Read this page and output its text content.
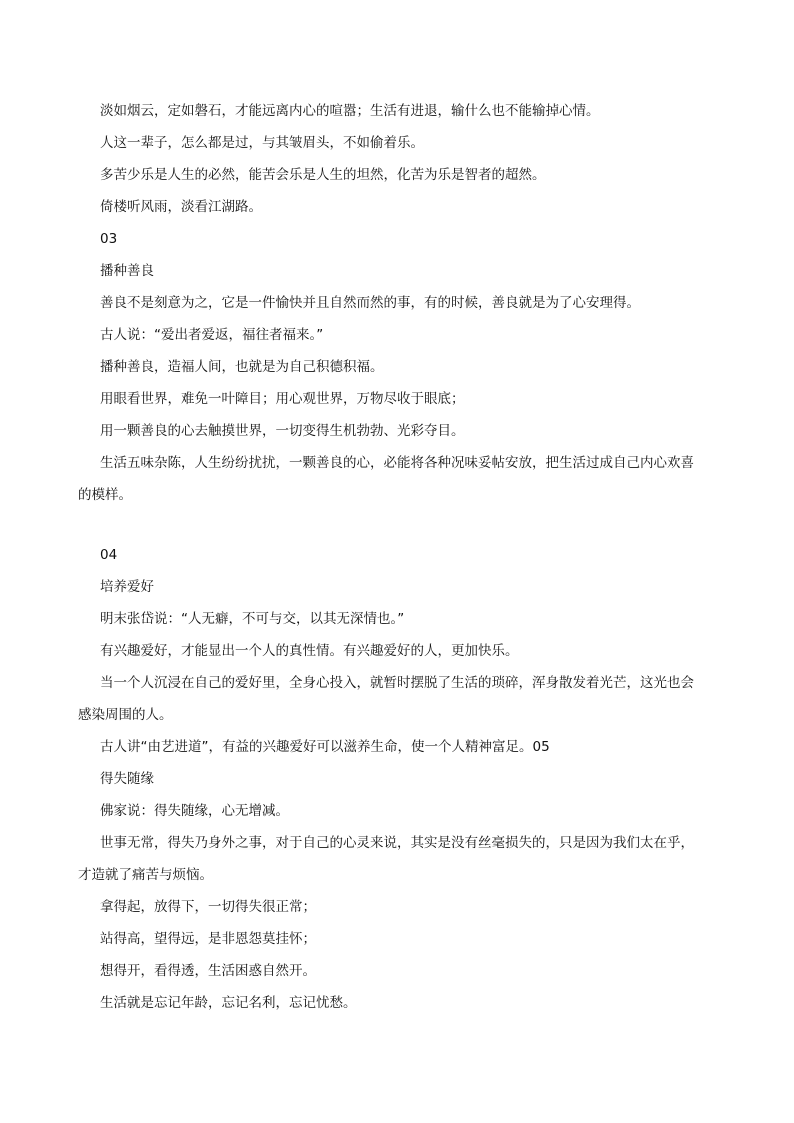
淡如烟云，定如磐石，才能远离内心的喧嚣；生活有进退，输什么也不能输掉心情。
人这一辈子，怎么都是过，与其皱眉头，不如偷着乐。
多苦少乐是人生的必然，能苦会乐是人生的坦然，化苦为乐是智者的超然。
倚楼听风雨，淡看江湖路。
03
播种善良
善良不是刻意为之，它是一件愉快并且自然而然的事，有的时候，善良就是为了心安理得。
古人说：“爱出者爱返，福往者福来。”
播种善良，造福人间，也就是为自己积德积福。
用眼看世界，难免一叶障目；用心观世界，万物尽收于眼底；
用一颗善良的心去触摸世界，一切变得生机勃勃、光彩夺目。
生活五味杂陈，人生纷纷扰扰，一颗善良的心，必能将各种况味妥帖安放，把生活过成自己内心欢喜
的模样。
04
培养爱好
明末张岱说：“人无癖，不可与交，以其无深情也。”
有兴趣爱好，才能显出一个人的真性情。有兴趣爱好的人，更加快乐。
当一个人沉浸在自己的爱好里，全身心投入，就暂时摆脱了生活的琐碎，浑身散发着光芒，这光也会
感染周围的人。
古人讲“由艺进道”，有益的兴趣爱好可以滋养生命，使一个人精神富足。05
得失随缘
佛家说：得失随缘，心无增减。
世事无常，得失乃身外之事，对于自己的心灵来说，其实是没有丝毫损失的，只是因为我们太在乎，
才造就了痛苦与烦恼。
拿得起，放得下，一切得失很正常；
站得高，望得远，是非恩怨莫挂怀；
想得开，看得透，生活困惑自然开。
生活就是忘记年龄，忘记名利，忘记忧愁。
